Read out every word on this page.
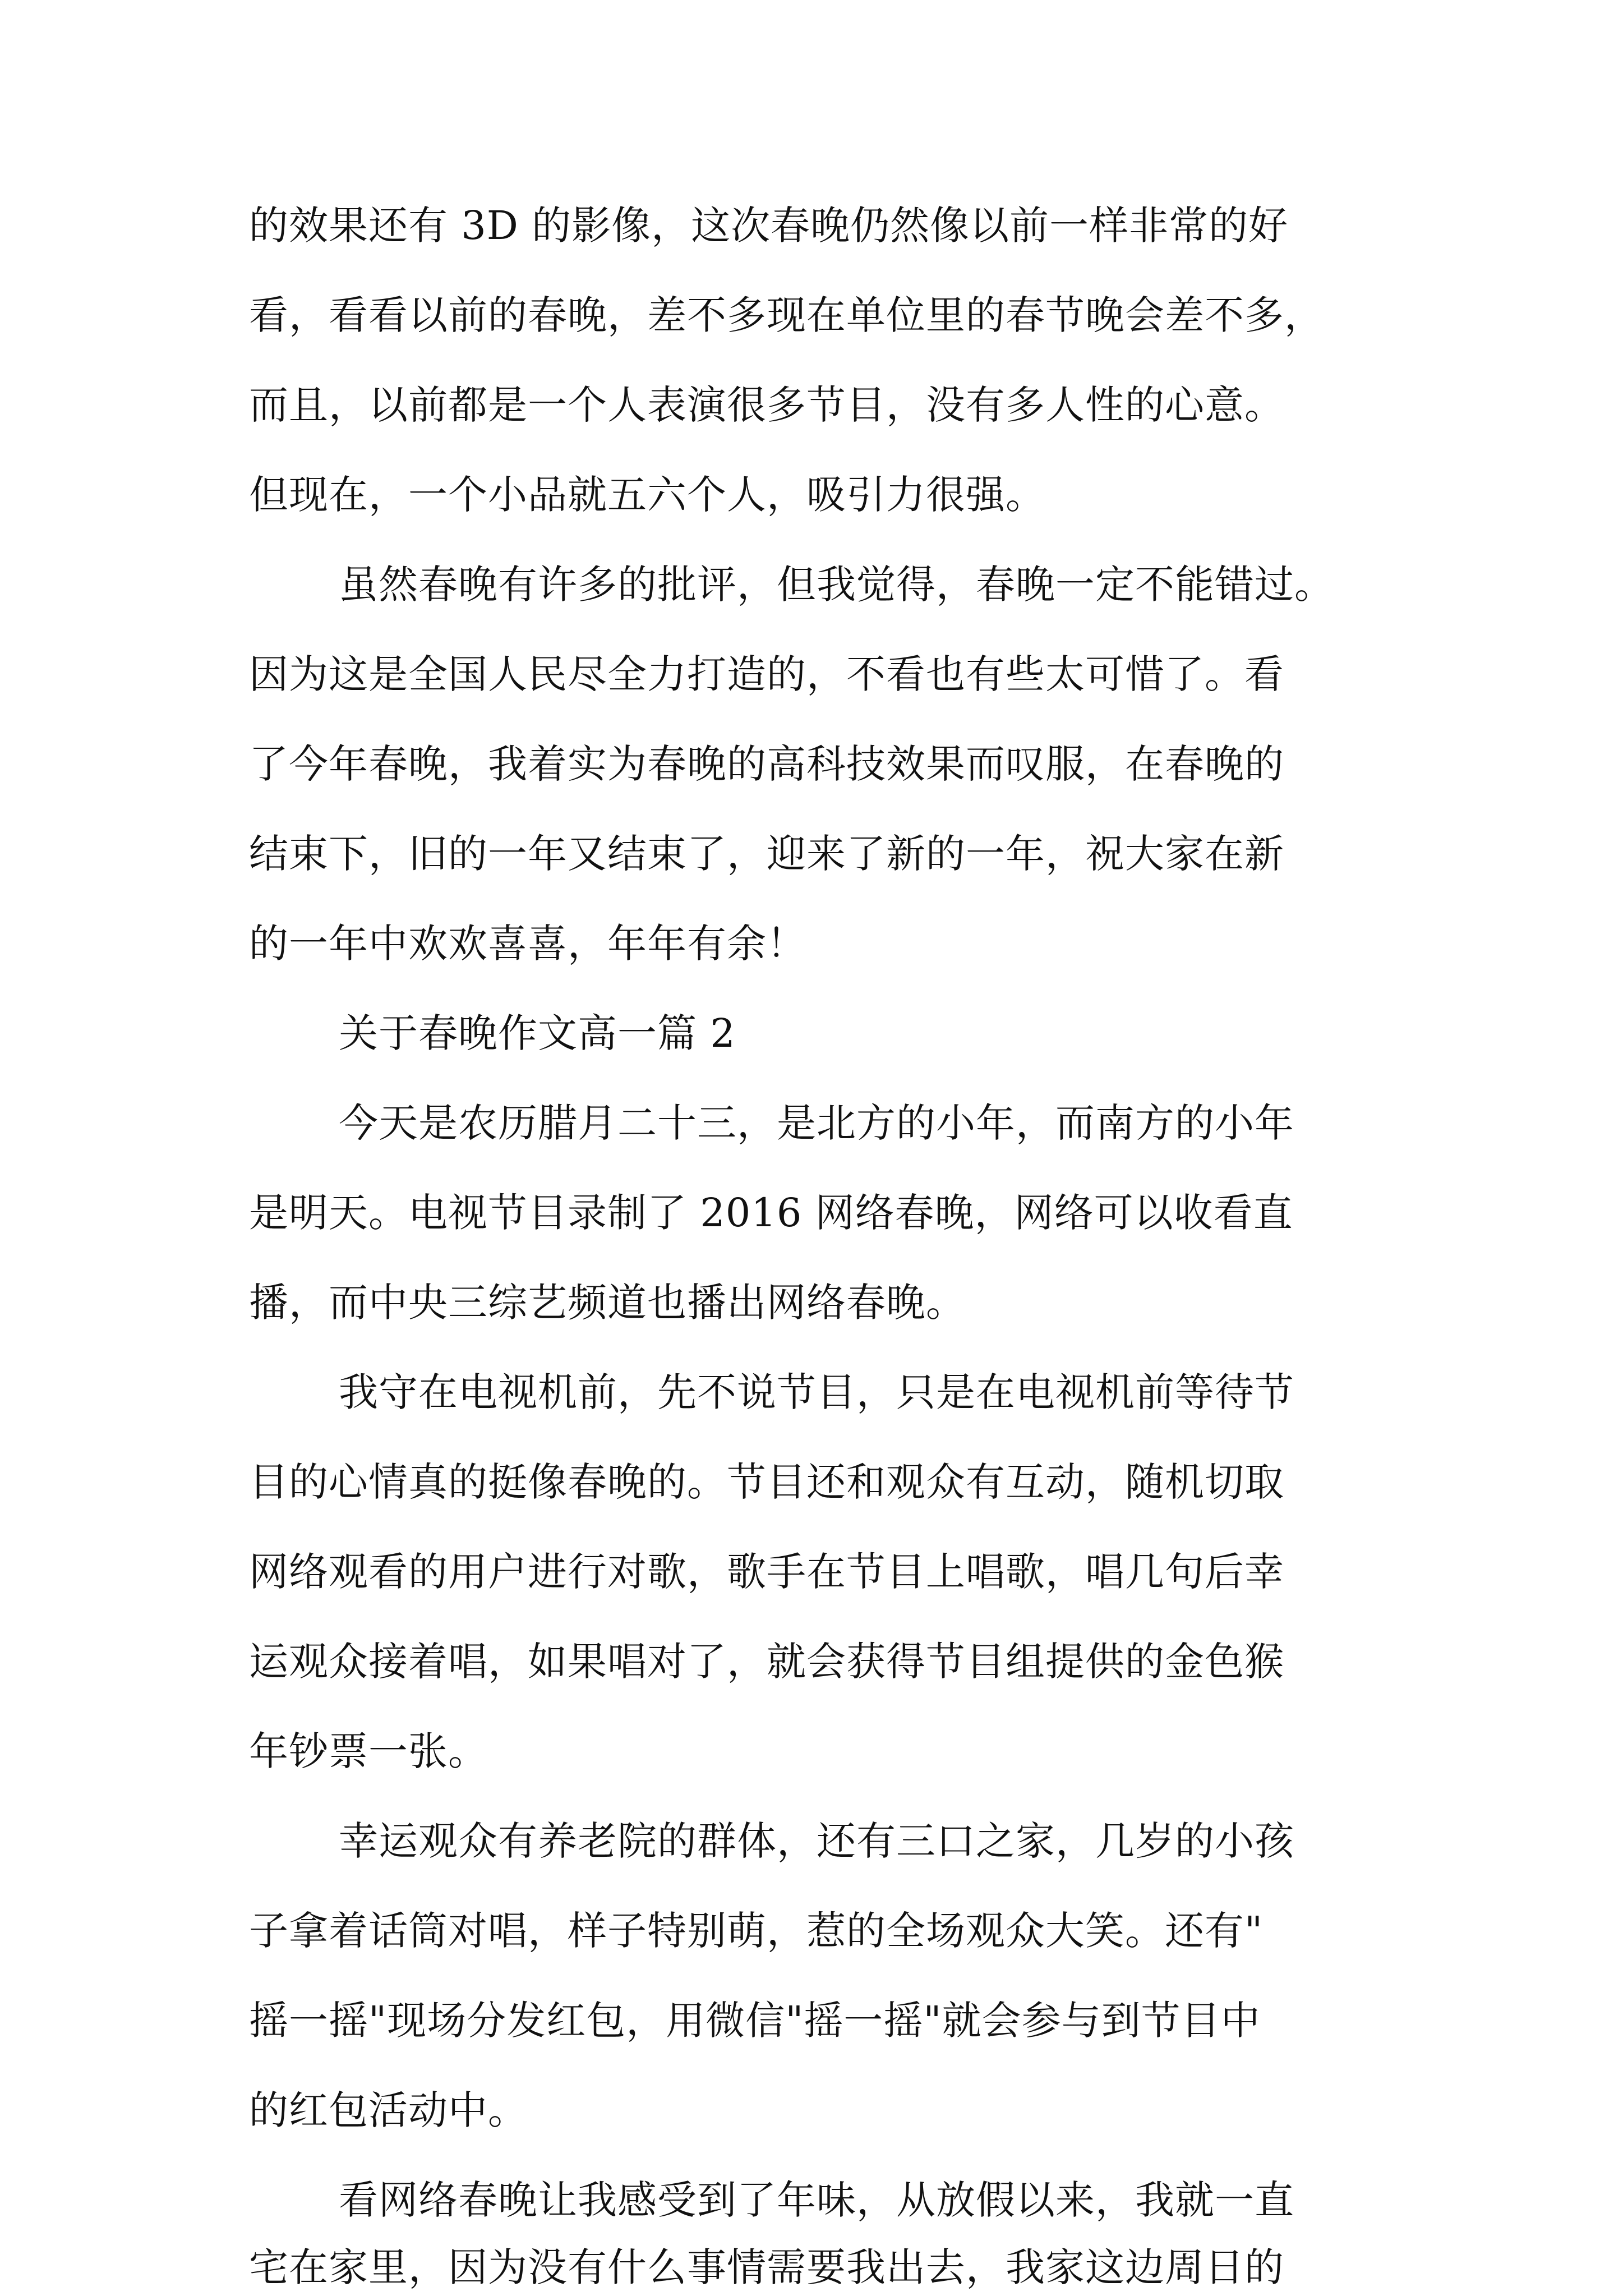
的效果还有 3D 的影像，这次春晚仍然像以前一样非常的好
看，看看以前的春晚，差不多现在单位里的春节晚会差不多，
而且，以前都是一个人表演很多节目，没有多人性的心意。
但现在，一个小品就五六个人，吸引力很强。
虽然春晚有许多的批评，但我觉得，春晚一定不能错过。
因为这是全国人民尽全力打造的，不看也有些太可惜了。看
了今年春晚，我着实为春晚的高科技效果而叹服，在春晚的
结束下，旧的一年又结束了，迎来了新的一年，祝大家在新
的一年中欢欢喜喜，年年有余！
关于春晚作文高一篇 2
今天是农历腊月二十三，是北方的小年，而南方的小年
是明天。电视节目录制了 2016 网络春晚，网络可以收看直
播，而中央三综艺频道也播出网络春晚。
我守在电视机前，先不说节目，只是在电视机前等待节
目的心情真的挺像春晚的。节目还和观众有互动，随机切取
网络观看的用户进行对歌，歌手在节目上唱歌，唱几句后幸
运观众接着唱，如果唱对了，就会获得节目组提供的金色猴
年钞票一张。
幸运观众有养老院的群体，还有三口之家，几岁的小孩
子拿着话筒对唱，样子特别萌，惹的全场观众大笑。还有"
摇一摇"现场分发红包，用微信"摇一摇"就会参与到节目中
的红包活动中。
看网络春晚让我感受到了年味，从放假以来，我就一直
宅在家里，因为没有什么事情需要我出去，我家这边周日的
